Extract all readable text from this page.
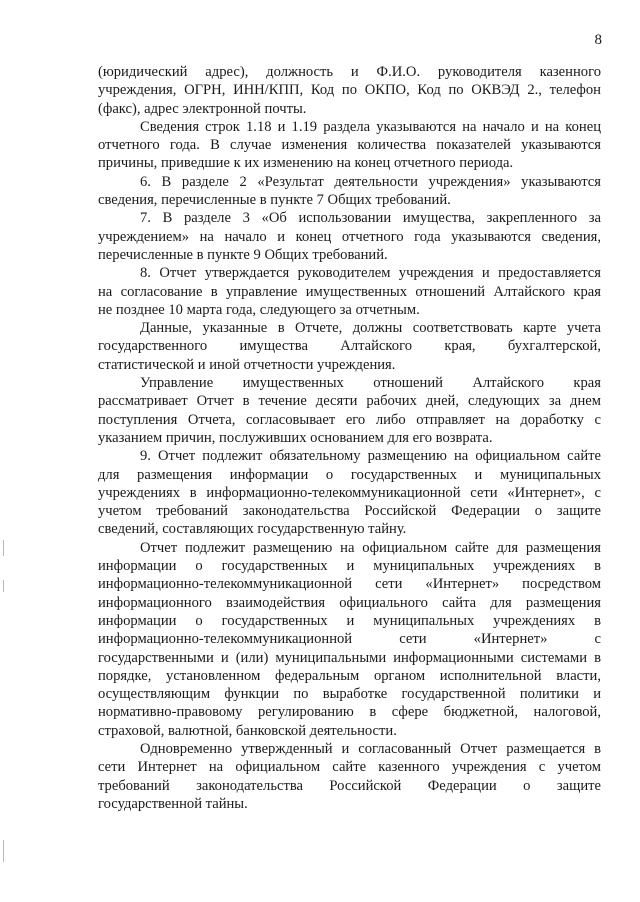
8
(юридический адрес), должность и Ф.И.О. руководителя казенного
учреждения, ОГРН, ИНН/КПП, Код по ОКПО, Код по ОКВЭД 2., телефон
(факс), адрес электронной почты.
Сведения строк 1.18 и 1.19 раздела указываются на начало и на конец
отчетного года. В случае изменения количества показателей указываются
причины, приведшие к их изменению на конец отчетного периода.
6. В разделе 2 «Результат деятельности учреждения» указываются
сведения, перечисленные в пункте 7 Общих требований.
7. В разделе 3 «Об использовании имущества, закрепленного за
учреждением» на начало и конец отчетного года указываются сведения,
перечисленные в пункте 9 Общих требований.
8. Отчет утверждается руководителем учреждения и предоставляется
на согласование в управление имущественных отношений Алтайского края
не позднее 10 марта года, следующего за отчетным.
Данные, указанные в Отчете, должны соответствовать карте учета
государственного имущества Алтайского края, бухгалтерской,
статистической и иной отчетности учреждения.
Управление имущественных отношений Алтайского края
рассматривает Отчет в течение десяти рабочих дней, следующих за днем
поступления Отчета, согласовывает его либо отправляет на доработку с
указанием причин, послуживших основанием для его возврата.
9. Отчет подлежит обязательному размещению на официальном сайте
для размещения информации о государственных и муниципальных
учреждениях в информационно-телекоммуникационной сети «Интернет», с
учетом требований законодательства Российской Федерации о защите
сведений, составляющих государственную тайну.
Отчет подлежит размещению на официальном сайте для размещения
информации о государственных и муниципальных учреждениях в
информационно-телекоммуникационной сети «Интернет» посредством
информационного взаимодействия официального сайта для размещения
информации о государственных и муниципальных учреждениях в
информационно-телекоммуникационной сети «Интернет» с
государственными и (или) муниципальными информационными системами в
порядке, установленном федеральным органом исполнительной власти,
осуществляющим функции по выработке государственной политики и
нормативно-правовому регулированию в сфере бюджетной, налоговой,
страховой, валютной, банковской деятельности.
Одновременно утвержденный и согласованный Отчет размещается в
сети Интернет на официальном сайте казенного учреждения с учетом
требований законодательства Российской Федерации о защите
государственной тайны.
